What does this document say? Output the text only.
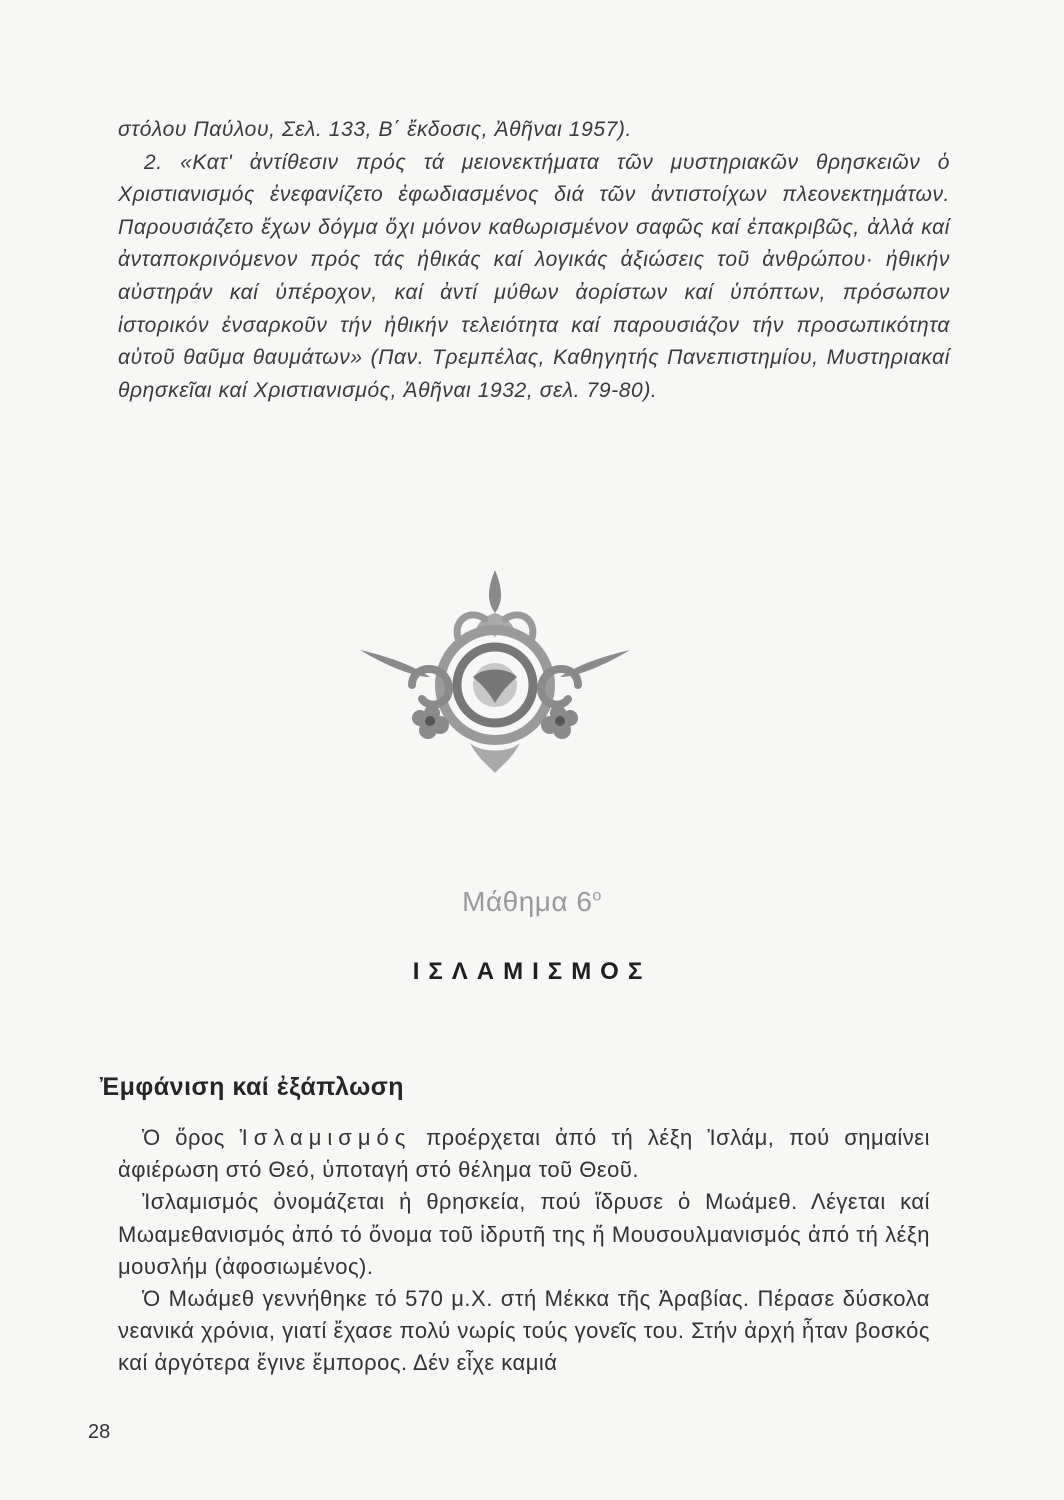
στόλου Παύλου, Σελ. 133, Β΄ ἔκδοσις, Ἀθῆναι 1957).

2. «Κατ' ἀντίθεσιν πρός τά μειονεκτήματα τῶν μυστηριακῶν θρησκειῶν ὁ Χριστιανισμός ἐνεφανίζετο ἐφωδιασμένος διά τῶν ἀντιστοίχων πλεονεκτημάτων. Παρουσιάζετο ἔχων δόγμα ὄχι μόνον καθωρισμένον σαφῶς καί ἐπακριβῶς, ἀλλά καί ἀνταποκρινόμενον πρός τάς ἠθικάς καί λογικάς ἀξιώσεις τοῦ ἀνθρώπου· ἠθικήν αὐστηράν καί ὑπέροχον, καί ἀντί μύθων ἀορίστων καί ὑπόπτων, πρόσωπον ἱστορικόν ἐνσαρκοῦν τήν ἠθικήν τελειότητα καί παρουσιάζον τήν προσωπικότητα αὐτοῦ θαῦμα θαυμάτων» (Παν. Τρεμπέλας, Καθηγητής Πανεπιστημίου, Μυστηριακαί θρησκεῖαι καί Χριστιανισμός, Ἀθῆναι 1932, σελ. 79-80).

Μάθημα $6^o$
ΙΣΛΑΜΙΣΜΟΣ
Ἐμφάνιση καί ἐξάπλωση

Ὁ ὅρος Ἰσλαμισμός προέρχεται ἀπό τή λέξη Ἰσλάμ, πού σημαίνει ἀφιέρωση στό Θεό, ὑποταγή στό θέλημα τοῦ Θεοῦ.

Ἰσλαμισμός ὀνομάζεται ἡ θρησκεία, πού ἵδρυσε ὁ Μωάμεθ. Λέγεται καί Μωαμεθανισμός ἀπό τό ὄνομα τοῦ ἱδρυτῆ της ἤ Μουσουλμανισμός ἀπό τή λέξη μουσλήμ (ἀφοσιωμένος).

Ὁ Μωάμεθ γεννήθηκε τό 570 μ.Χ. στή Μέκκα τῆς Ἀραβίας. Πέρασε δύσκολα νεανικά χρόνια, γιατί ἔχασε πολύ νωρίς τούς γονεῖς του. Στήν ἀρχή ἦταν βοσκός καί ἀργότερα ἔγινε ἔμπορος. Δέν εἶχε καμιά

28
